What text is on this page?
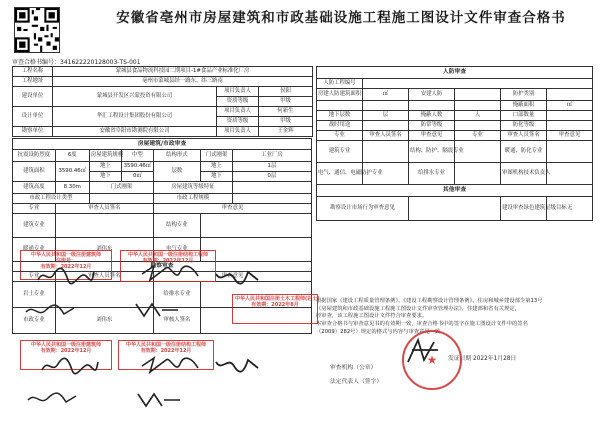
安徽省亳州市房屋建筑和市政基础设施工程施工图设计文件审查合格书
审查合格书编号：341622220128003-TS-001
工程名称	蒙城县食品物流科技园二期项目-1#食品产业标准化厂房		
工程地址	亳州市蒙城县经一路东、纬三路南		
建设单位	蒙城县开发区兴蒙投资有限公司	项目负责人	侯阳
		资质等级	甲级
设计单位	华汇工程设计集团股份有限公司	项目负责人	何新生
		资质等级	甲级
勘察单位	安徽省阜阳市勘测院有限公司	项目负责人	王金辉
房屋建筑/市政审查						
抗震设防烈度	6度	房屋建筑规模	中型	结构形式	门式刚架	工业厂房
建筑面积	3590.46㎡	地上	3590.46㎡	层数	地上	1层
		地下	0㎡		地下	0层
建筑高度	8.30m	门式刚架		房屋建筑等级特征		
市政工程设计类型				市政工程规模		
专业	审查人员签名			审查意见		
建筑专业				结构专业		
暖通专业	刘伟东			电气专业		
勘察审查						
专业	审查人员签名			审查意见		
岩土专业				给排水专业		
市政专业	刘伟东			审核人签名		
人防审查					
人防工程编号					
房建人防建筑面积	㎡	安建人防		防护类别	
				掩蔽面积	㎡
地下层数	层	掩蔽人数	人	口部数量	
战时用途		防常等级		防化等级	
专业	审查人员签名	审查意见	专业	审查人员签名	审查意见
建筑专业		结构、防护、隔震专业		暖通、防化专业	
电气、通信、电磁防护专业		给排水专业		审图机构技术负责人	
其他审查					
勘察设计市场行为审查意见				建设审查绿色建筑星级目标	无
根据国家《建设工程质量管理条例》、《建设工程勘察设计管理条例》、住房和城乡建设部令第13号
《房屋建筑和市政基础设施工程施工图设计文件审查管理办法》、住建部和省有关规定，
经审查，该工程施工图设计文件符合审查要求。
本审查合格书与审查意见书的有效期一致，审查合格书中的签字在施工图设计文件中的签名
（2009）282号）规定的格式与内容与审查意见一致。
审查机构（公章）
法定代表人（签字）
发证日期 2022年1月28日
★
中华人民共和国一级注册建筑师
注册号：
有效期：2022年12月
中华人民共和国一级注册结构工程师
有效期：2022年12月
中华人民共和国注册土木工程师(岩土)
有效期：2022年8月
中华人民共和国一级注册建筑师
有效期：2022年12月
中华人民共和国一级注册结构工程师
有效期：2022年12月
